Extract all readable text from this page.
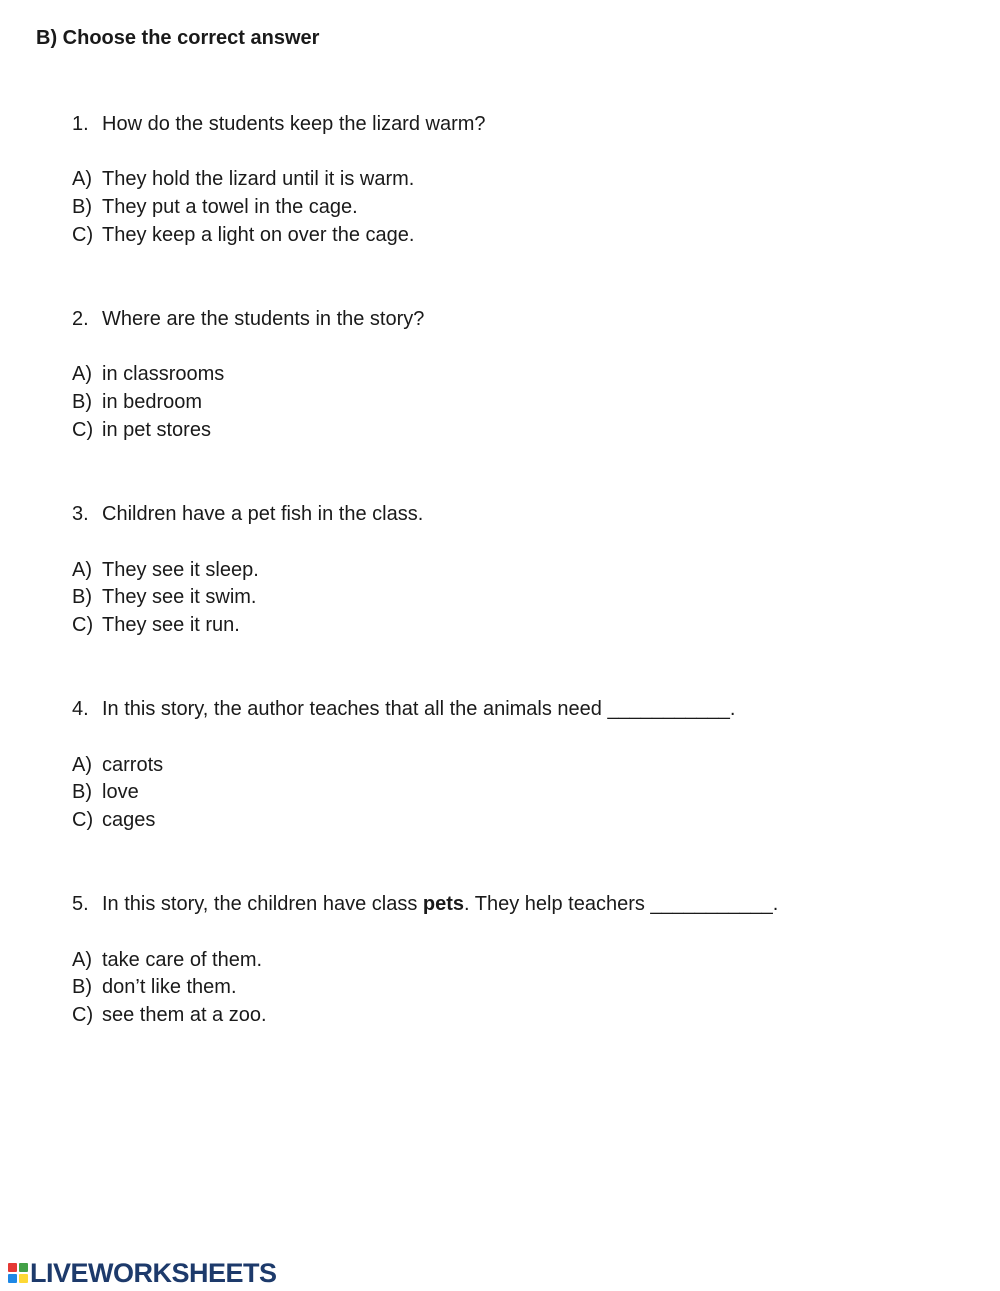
B) Choose the correct answer
1. How do the students keep the lizard warm?
A) They hold the lizard until it is warm.
B) They put a towel in the cage.
C) They keep a light on over the cage.
2. Where are the students in the story?
A) in classrooms
B) in bedroom
C) in pet stores
3. Children have a pet fish in the class.
A) They see it sleep.
B) They see it swim.
C) They see it run.
4. In this story, the author teaches that all the animals need ___________.
A) carrots
B) love
C) cages
5. In this story, the children have class pets. They help teachers ___________.
A) take care of them.
B) don’t like them.
C) see them at a zoo.
LIVEWORKSHEETS
